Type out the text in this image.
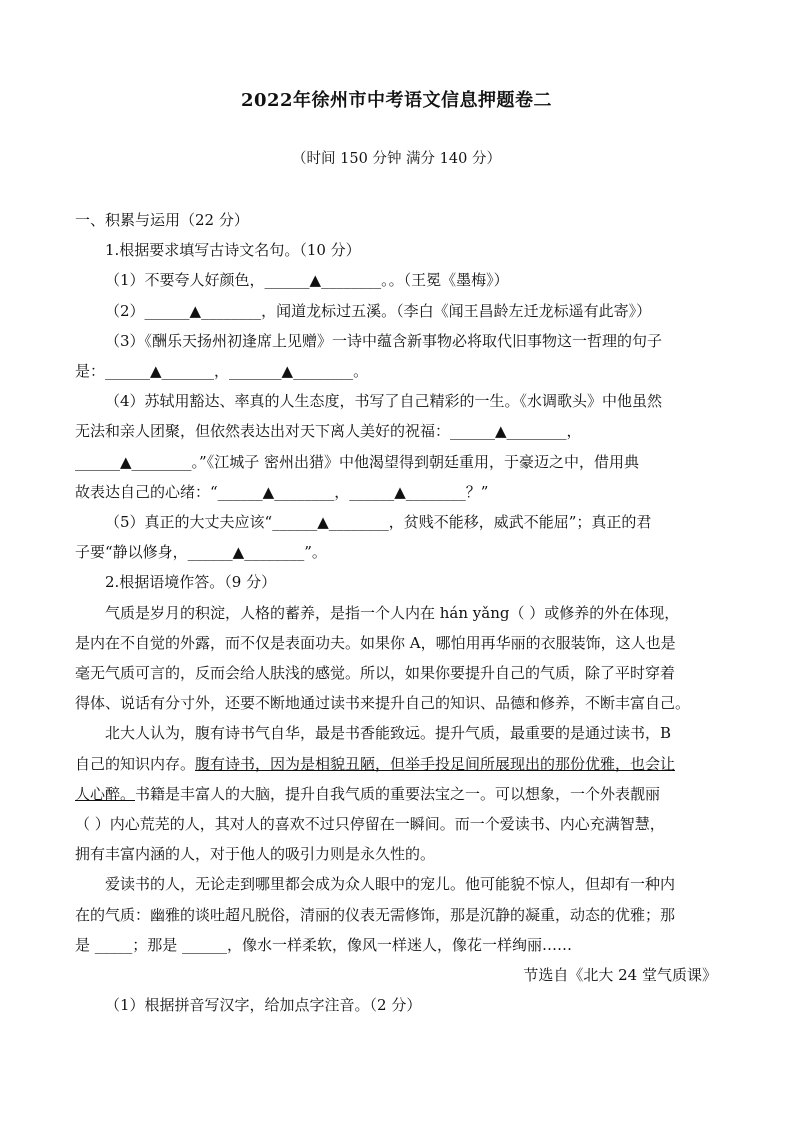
2022年徐州市中考语文信息押题卷二
（时间 150 分钟 满分 140 分）
一、积累与运用（22 分）
1.根据要求填写古诗文名句。（10 分）
（1）不要夸人好颜色，______▲________。。（王冕《墨梅》）
（2）______▲________，闻道龙标过五溪。（李白《闻王昌龄左迁龙标遥有此寄》）
（3）《酬乐天扬州初逢席上见赠》一诗中蕴含新事物必将取代旧事物这一哲理的句子
是：______▲_______，_______▲________。
（4）苏轼用豁达、率真的人生态度，书写了自己精彩的一生。《水调歌头》中他虽然
无法和亲人团聚，但依然表达出对天下离人美好的祝福：______▲________，
______▲________。”《江城子 密州出猎》中他渴望得到朝廷重用，于豪迈之中，借用典
故表达自己的心绪：“______▲________，______▲________？”
（5）真正的大丈夫应该“______▲________，贫贱不能移，威武不能屈”；真正的君
子要“静以修身，______▲________”。
2.根据语境作答。（9 分）
气质是岁月的积淀，人格的蓄养，是指一个人内在 hán yǎng（ ）或修养的外在体现，
是内在不自觉的外露，而不仅是表面功夫。如果你 A，哪怕用再华丽的衣服装饰，这人也是
毫无气质可言的，反而会给人肤浅的感觉。所以，如果你要提升自己的气质，除了平时穿着
得体、说话有分寸外，还要不断地通过读书来提升自己的知识、品德和修养，不断丰富自己。
北大人认为，腹有诗书气自华，最是书香能致远。提升气质，最重要的是通过读书，B
自己的知识内存。腹有诗书，因为是相貌丑陋，但举手投足间所展现出的那份优雅，也会让
人心醉。书籍是丰富人的大脑，提升自我气质的重要法宝之一。可以想象，一个外表靓丽
（ ）内心荒芜的人，其对人的喜欢不过只停留在一瞬间。而一个爱读书、内心充满智慧，
拥有丰富内涵的人，对于他人的吸引力则是永久性的。
爱读书的人，无论走到哪里都会成为众人眼中的宠儿。他可能貌不惊人，但却有一种内
在的气质：幽雅的谈吐超凡脱俗，清丽的仪表无需修饰，那是沉静的凝重，动态的优雅；那
是 _____；那是 ______，像水一样柔软，像风一样迷人，像花一样绚丽……
节选自《北大 24 堂气质课》
（1）根据拼音写汉字，给加点字注音。（2 分）
